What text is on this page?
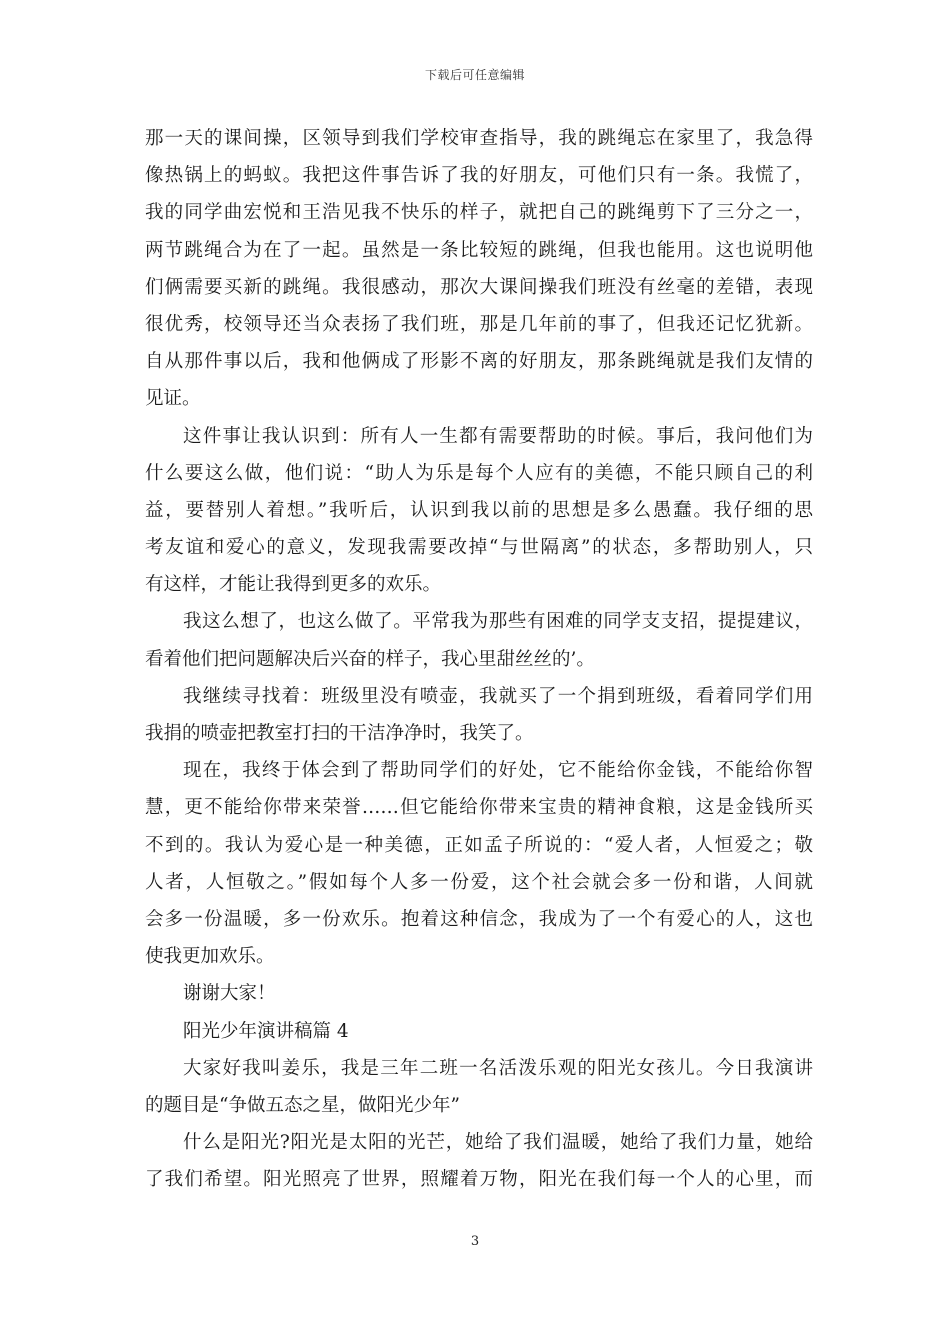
下载后可任意编辑
那一天的课间操，区领导到我们学校审查指导，我的跳绳忘在家里了，我急得
像热锅上的蚂蚁。我把这件事告诉了我的好朋友，可他们只有一条。我慌了，
我的同学曲宏悦和王浩见我不快乐的样子，就把自己的跳绳剪下了三分之一，
两节跳绳合为在了一起。虽然是一条比较短的跳绳，但我也能用。这也说明他
们俩需要买新的跳绳。我很感动，那次大课间操我们班没有丝毫的差错，表现
很优秀，校领导还当众表扬了我们班，那是几年前的事了，但我还记忆犹新。
自从那件事以后，我和他俩成了形影不离的好朋友，那条跳绳就是我们友情的
见证。
这件事让我认识到：所有人一生都有需要帮助的时候。事后，我问他们为
什么要这么做，他们说：“助人为乐是每个人应有的美德，不能只顾自己的利
益，要替别人着想。”我听后，认识到我以前的思想是多么愚蠢。我仔细的思
考友谊和爱心的意义，发现我需要改掉“与世隔离”的状态，多帮助别人，只
有这样，才能让我得到更多的欢乐。
我这么想了，也这么做了。平常我为那些有困难的同学支支招，提提建议，
看着他们把问题解决后兴奋的样子，我心里甜丝丝的’。
我继续寻找着：班级里没有喷壶，我就买了一个捐到班级，看着同学们用
我捐的喷壶把教室打扫的干洁净净时，我笑了。
现在，我终于体会到了帮助同学们的好处，它不能给你金钱，不能给你智
慧，更不能给你带来荣誉……但它能给你带来宝贵的精神食粮，这是金钱所买
不到的。我认为爱心是一种美德，正如孟子所说的：“爱人者，人恒爱之；敬
人者，人恒敬之。”假如每个人多一份爱，这个社会就会多一份和谐，人间就
会多一份温暖，多一份欢乐。抱着这种信念，我成为了一个有爱心的人，这也
使我更加欢乐。
谢谢大家！
阳光少年演讲稿篇 4
大家好我叫姜乐，我是三年二班一名活泼乐观的阳光女孩儿。今日我演讲
的题目是“争做五态之星，做阳光少年”
什么是阳光?阳光是太阳的光芒，她给了我们温暖，她给了我们力量，她给
了我们希望。阳光照亮了世界，照耀着万物，阳光在我们每一个人的心里，而
3
